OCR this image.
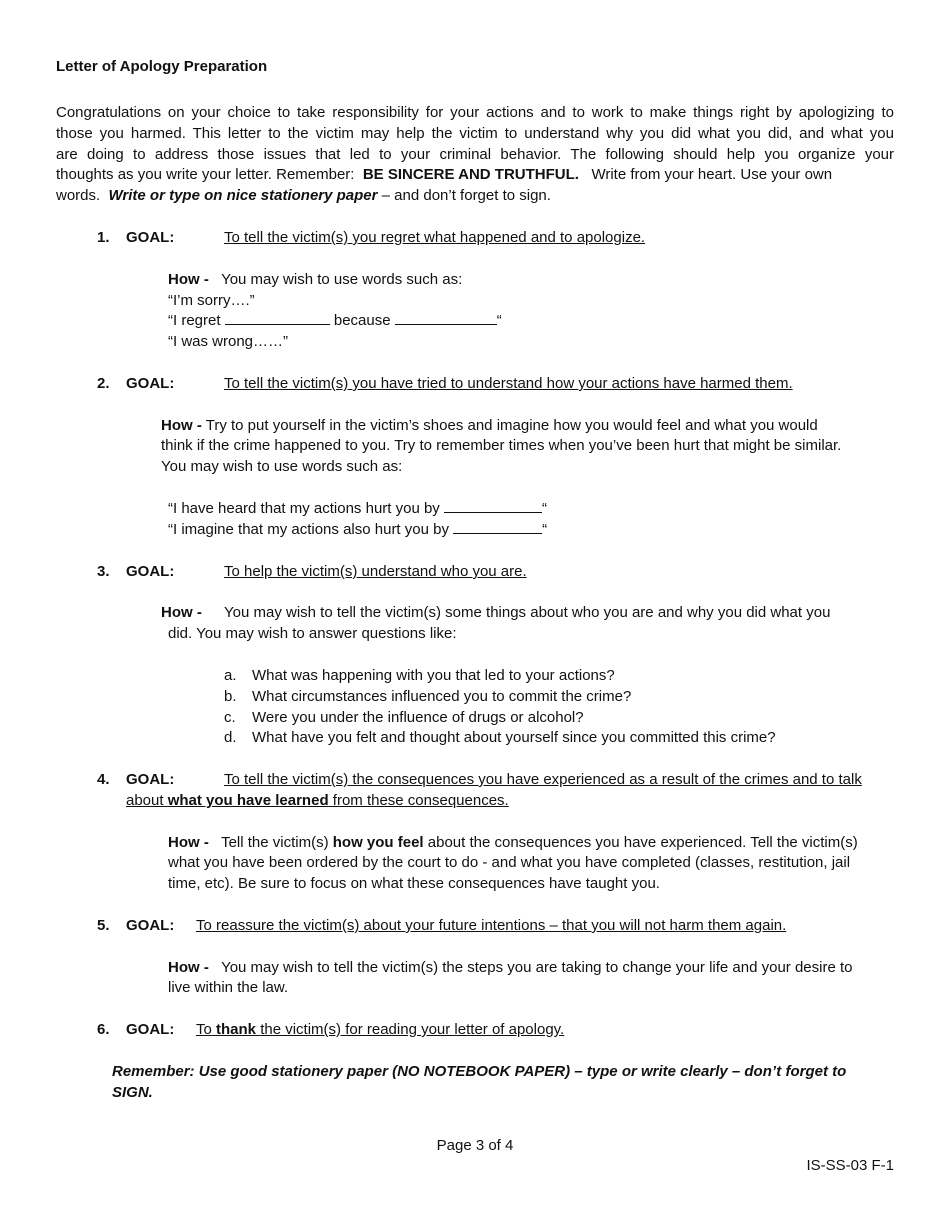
Letter of Apology Preparation
Congratulations on your choice to take responsibility for your actions and to work to make things right by apologizing to
those you harmed. This letter to the victim may help the victim to understand why you did what you did, and what you
are doing to address those issues that led to your criminal behavior. The following should help you organize your
thoughts as you write your letter. Remember: BE SINCERE AND TRUTHFUL. Write from your heart. Use your own
words. Write or type on nice stationery paper – and don’t forget to sign.
1. GOAL:	To tell the victim(s) you regret what happened and to apologize.
How - You may wish to use words such as:
“I’m sorry….”
“I regret	because	“
“I was wrong……”
2. GOAL:	To tell the victim(s) you have tried to understand how your actions have harmed them.
How - Try to put yourself in the victim’s shoes and imagine how you would feel and what you would
think if the crime happened to you. Try to remember times when you’ve been hurt that might be similar.
You may wish to use words such as:
“I have heard that my actions hurt you by	“
“I imagine that my actions also hurt you by	“
3. GOAL:	To help the victim(s) understand who you are.
How - You may wish to tell the victim(s) some things about who you are and why you did what you
did. You may wish to answer questions like:
a. What was happening with you that led to your actions?
b. What circumstances influenced you to commit the crime?
c. Were you under the influence of drugs or alcohol?
d. What have you felt and thought about yourself since you committed this crime?
4. GOAL:	To tell the victim(s) the consequences you have experienced as a result of the crimes and to talk
about what you have learned from these consequences.
How - Tell the victim(s) how you feel about the consequences you have experienced. Tell the victim(s)
what you have been ordered by the court to do - and what you have completed (classes, restitution, jail
time, etc). Be sure to focus on what these consequences have taught you.
5. GOAL: To reassure the victim(s) about your future intentions – that you will not harm them again.
How - You may wish to tell the victim(s) the steps you are taking to change your life and your desire to
live within the law.
6. GOAL: To thank the victim(s) for reading your letter of apology.
Remember: Use good stationery paper (NO NOTEBOOK PAPER) – type or write clearly – don’t forget to
SIGN.
Page 3 of 4
IS-SS-03 F-1
